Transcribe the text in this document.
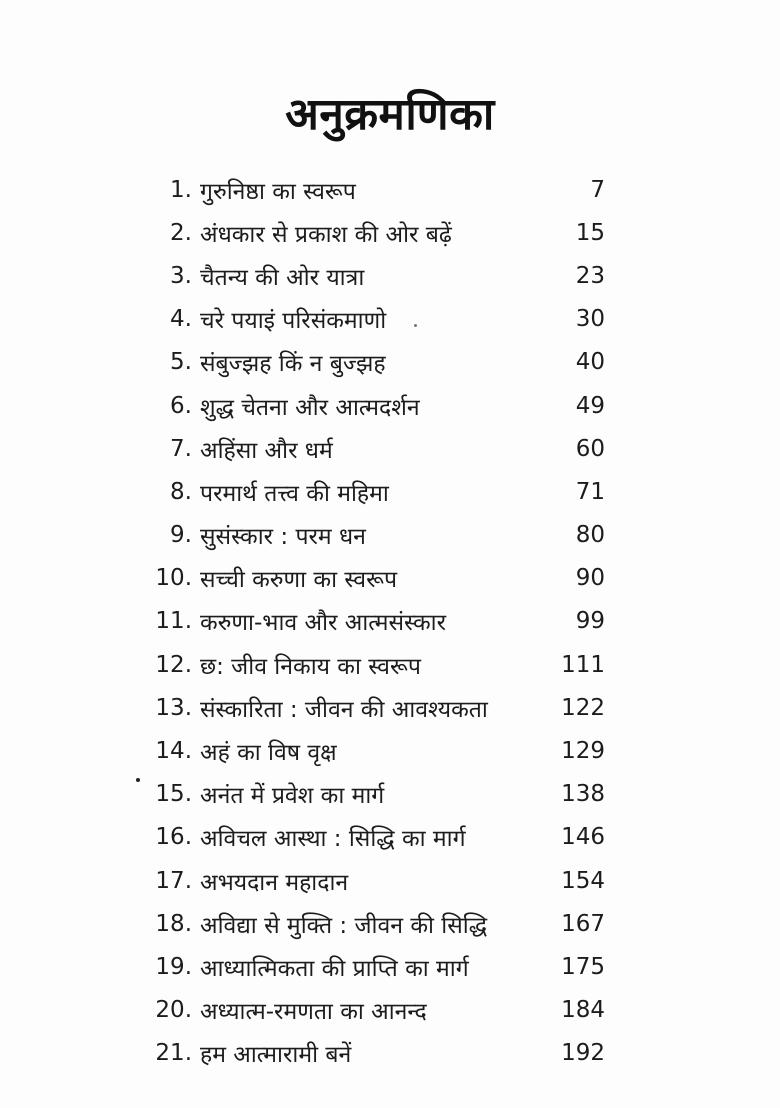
अनुक्रमणिका
1. गुरुनिष्ठा का स्वरूप	7
2. अंधकार से प्रकाश की ओर बढ़ें	15
3. चैतन्य की ओर यात्रा	23
4. चरे पयाइं परिसंकमाणो	30
5. संबुज्झह किं न बुज्झह	40
6. शुद्ध चेतना और आत्मदर्शन	49
7. अहिंसा और धर्म	60
8. परमार्थ तत्त्व की महिमा	71
9. सुसंस्कार : परम धन	80
10. सच्ची करुणा का स्वरूप	90
11. करुणा-भाव और आत्मसंस्कार	99
12. छ: जीव निकाय का स्वरूप	111
13. संस्कारिता : जीवन की आवश्यकता	122
14. अहं का विष वृक्ष	129
15. अनंत में प्रवेश का मार्ग	138
16. अविचल आस्था : सिद्धि का मार्ग	146
17. अभयदान महादान	154
18. अविद्या से मुक्ति : जीवन की सिद्धि	167
19. आध्यात्मिकता की प्राप्ति का मार्ग	175
20. अध्यात्म-रमणता का आनन्द	184
21. हम आत्मारामी बनें	192
